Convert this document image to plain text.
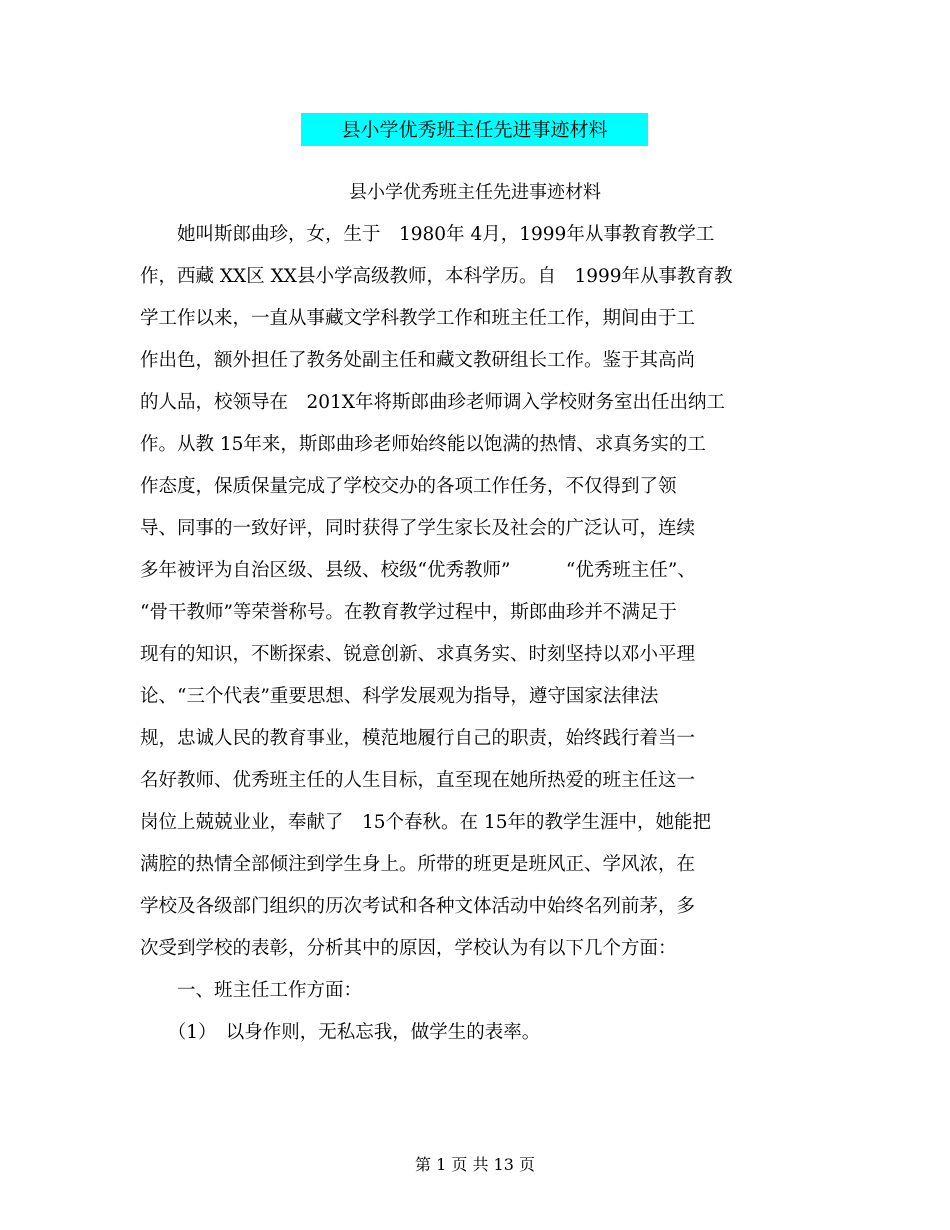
县小学优秀班主任先进事迹材料
县小学优秀班主任先进事迹材料
　　她叫斯郎曲珍，女，生于　1980年 4月，1999年从事教育教学工
作，西藏 XX区 XX县小学高级教师，本科学历。自　1999年从事教育教
学工作以来，一直从事藏文学科教学工作和班主任工作，期间由于工
作出色，额外担任了教务处副主任和藏文教研组长工作。鉴于其高尚
的人品，校领导在　201X年将斯郎曲珍老师调入学校财务室出任出纳工
作。从教 15年来，斯郎曲珍老师始终能以饱满的热情、求真务实的工
作态度，保质保量完成了学校交办的各项工作任务，不仅得到了领
导、同事的一致好评，同时获得了学生家长及社会的广泛认可，连续
多年被评为自治区级、县级、校级“优秀教师”　　　“优秀班主任”、
“骨干教师”等荣誉称号。在教育教学过程中，斯郎曲珍并不满足于
现有的知识，不断探索、锐意创新、求真务实、时刻坚持以邓小平理
论、“三个代表”重要思想、科学发展观为指导，遵守国家法律法
规，忠诚人民的教育事业，模范地履行自己的职责，始终践行着当一
名好教师、优秀班主任的人生目标，直至现在她所热爱的班主任这一
岗位上兢兢业业，奉献了　15个春秋。在 15年的教学生涯中，她能把
满腔的热情全部倾注到学生身上。所带的班更是班风正、学风浓，在
学校及各级部门组织的历次考试和各种文体活动中始终名列前茅，多
次受到学校的表彰，分析其中的原因，学校认为有以下几个方面：
　　一、班主任工作方面：
　　（1）　以身作则，无私忘我，做学生的表率。
第 1 页 共 13 页
